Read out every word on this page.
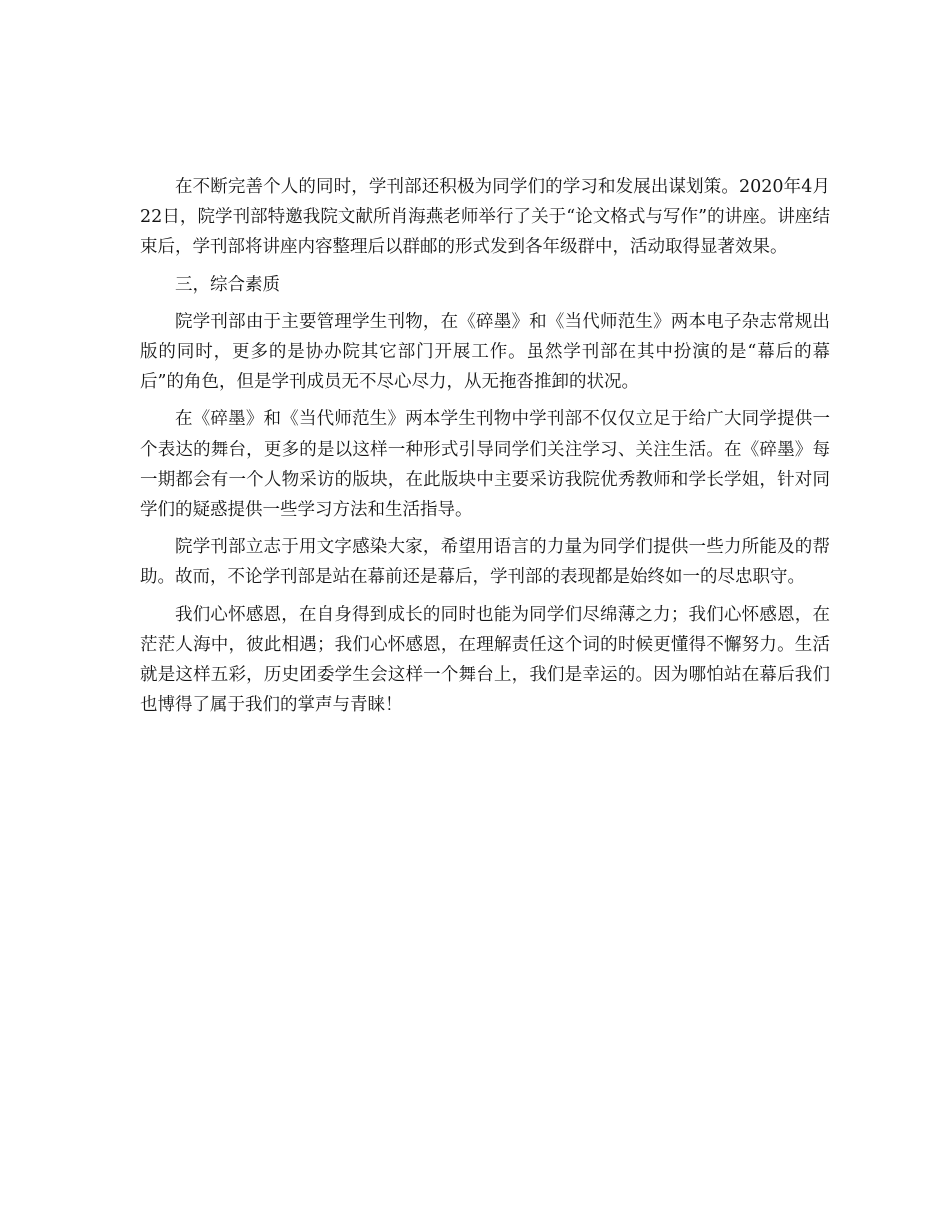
在不断完善个人的同时，学刊部还积极为同学们的学习和发展出谋划策。2020年4月22日，院学刊部特邀我院文献所肖海燕老师举行了关于“论文格式与写作”的讲座。讲座结束后，学刊部将讲座内容整理后以群邮的形式发到各年级群中，活动取得显著效果。

三，综合素质

院学刊部由于主要管理学生刊物，在《碎墨》和《当代师范生》两本电子杂志常规出版的同时，更多的是协办院其它部门开展工作。虽然学刊部在其中扮演的是“幕后的幕后”的角色，但是学刊成员无不尽心尽力，从无拖沓推卸的状况。

在《碎墨》和《当代师范生》两本学生刊物中学刊部不仅仅立足于给广大同学提供一个表达的舞台，更多的是以这样一种形式引导同学们关注学习、关注生活。在《碎墨》每一期都会有一个人物采访的版块，在此版块中主要采访我院优秀教师和学长学姐，针对同学们的疑惑提供一些学习方法和生活指导。

院学刊部立志于用文字感染大家，希望用语言的力量为同学们提供一些力所能及的帮助。故而，不论学刊部是站在幕前还是幕后，学刊部的表现都是始终如一的尽忠职守。

我们心怀感恩，在自身得到成长的同时也能为同学们尽绵薄之力；我们心怀感恩，在茫茫人海中，彼此相遇；我们心怀感恩，在理解责任这个词的时候更懂得不懈努力。生活就是这样五彩，历史团委学生会这样一个舞台上，我们是幸运的。因为哪怕站在幕后我们也博得了属于我们的掌声与青睐！
